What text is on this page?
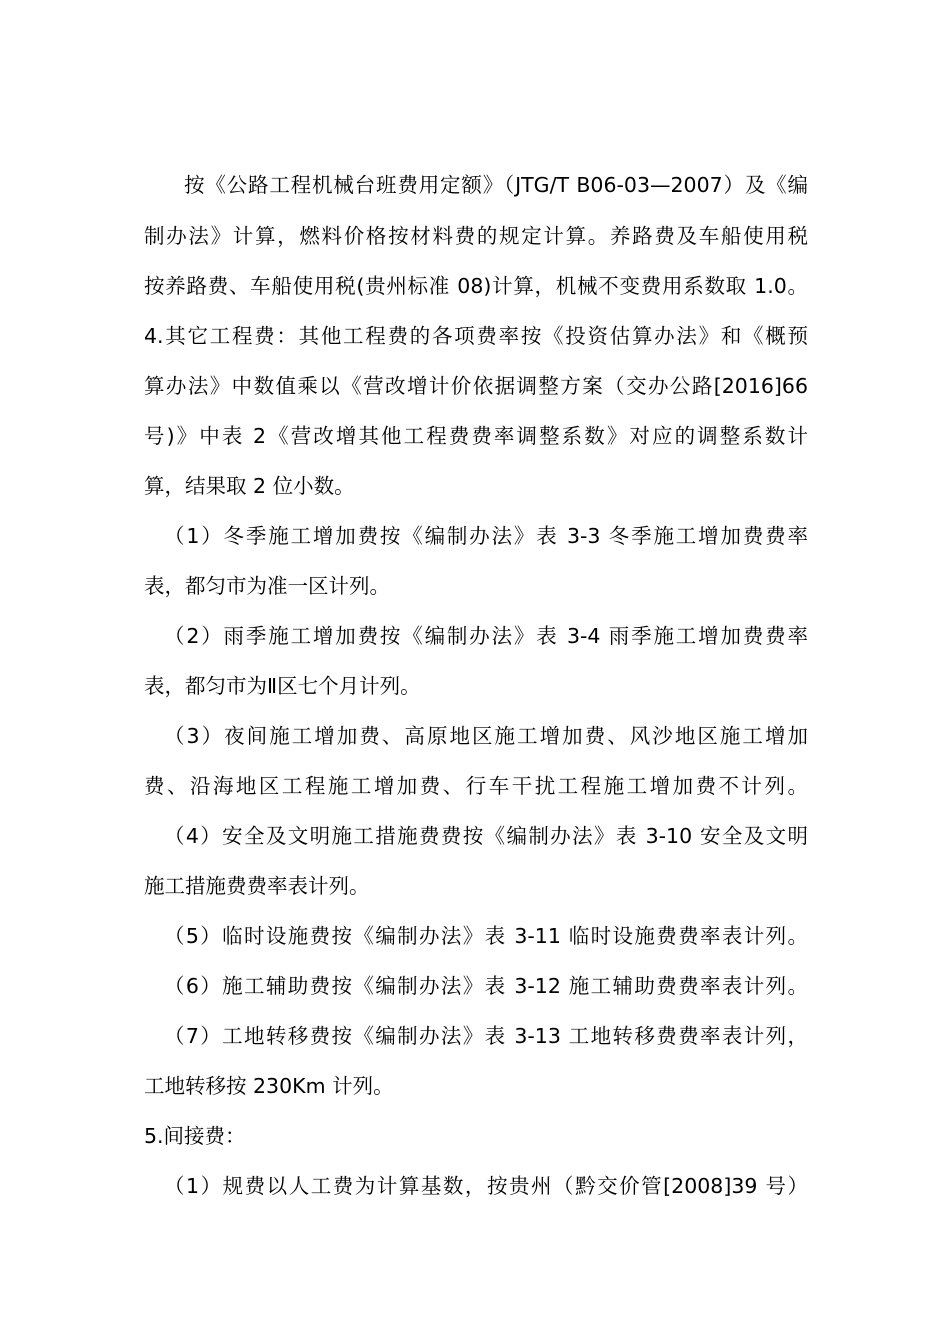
按《公路工程机械台班费用定额》（JTG/T B06-03—2007）及《编
制办法》计算，燃料价格按材料费的规定计算。养路费及车船使用税
按养路费、车船使用税(贵州标准 08)计算，机械不变费用系数取 1.0。
4.其它工程费：其他工程费的各项费率按《投资估算办法》和《概预
算办法》中数值乘以《营改增计价依据调整方案（交办公路[2016]66
号)》中表 2《营改增其他工程费费率调整系数》对应的调整系数计
算，结果取 2 位小数。
（1）冬季施工增加费按《编制办法》表 3-3 冬季施工增加费费率
表，都匀市为准一区计列。
（2）雨季施工增加费按《编制办法》表 3-4 雨季施工增加费费率
表，都匀市为Ⅱ区七个月计列。
（3）夜间施工增加费、高原地区施工增加费、风沙地区施工增加
费、沿海地区工程施工增加费、行车干扰工程施工增加费不计列。
（4）安全及文明施工措施费费按《编制办法》表 3-10 安全及文明
施工措施费费率表计列。
（5）临时设施费按《编制办法》表 3-11 临时设施费费率表计列。
（6）施工辅助费按《编制办法》表 3-12 施工辅助费费率表计列。
（7）工地转移费按《编制办法》表 3-13 工地转移费费率表计列，
工地转移按 230Km 计列。
5.间接费：
（1）规费以人工费为计算基数，按贵州（黔交价管[2008]39 号）
